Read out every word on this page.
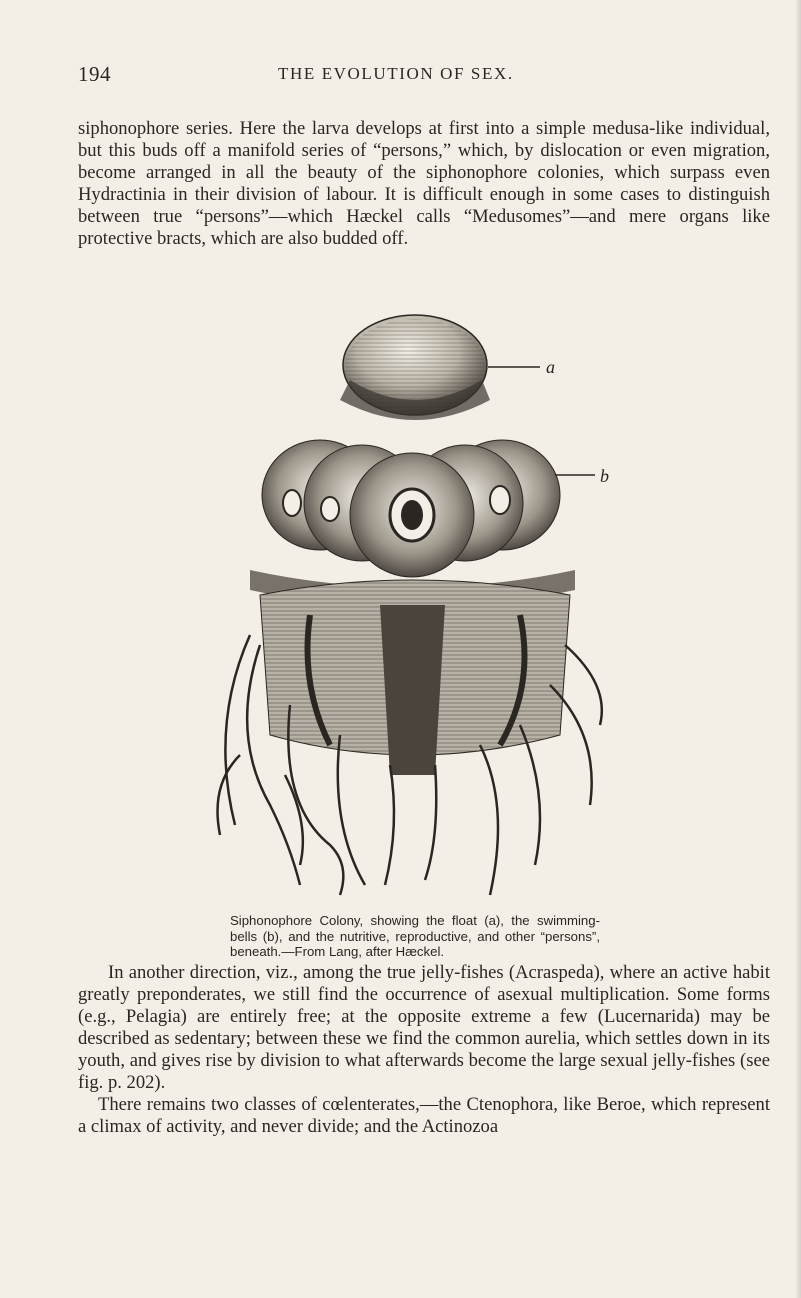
194	THE EVOLUTION OF SEX.

siphonophore series. Here the larva develops at first into a simple medusa-like individual, but this buds off a manifold series of “persons,” which, by dislocation or even migration, become arranged in all the beauty of the siphonophore colonies, which surpass even Hydractinia in their division of labour. It is difficult enough in some cases to distinguish between true “persons”—which Hæckel calls “Medusomes”—and mere organs like protective bracts, which are also budded off.

a
b

Siphonophore Colony, showing the float (a), the swimming-bells (b), and the nutritive, reproductive, and other “persons”, beneath.—From Lang, after Hæckel.

In another direction, viz., among the true jelly-fishes (Acraspeda), where an active habit greatly preponderates, we still find the occurrence of asexual multiplication. Some forms (e.g., Pelagia) are entirely free; at the opposite extreme a few (Lucernarida) may be described as sedentary; between these we find the common aurelia, which settles down in its youth, and gives rise by division to what afterwards become the large sexual jelly-fishes (see fig. p. 202).

There remains two classes of cœlenterates,—the Ctenophora, like Beroe, which represent a climax of activity, and never divide; and the Actinozoa
